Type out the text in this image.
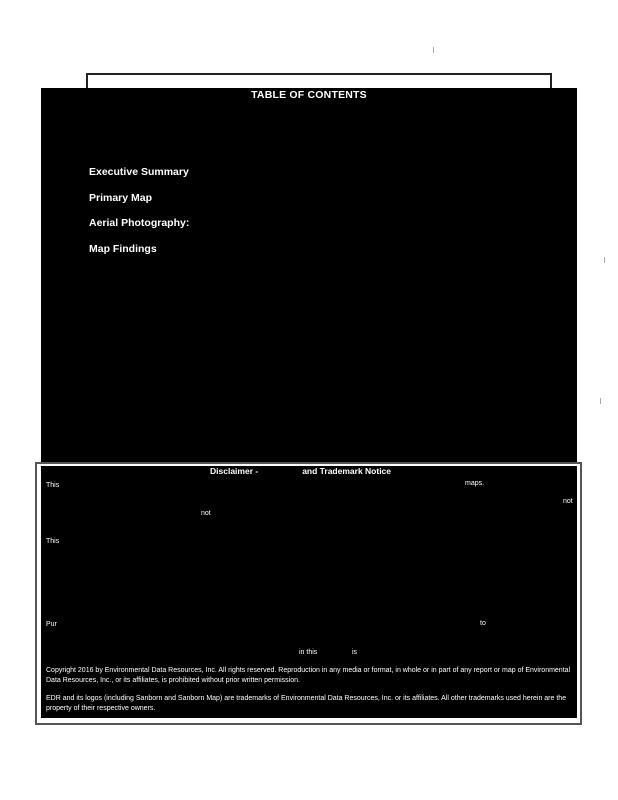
TABLE OF CONTENTS
Executive Summary
Primary Map
Aerial Photography:
Map Findings
Disclaimer -	and Trademark Notice
This	maps.
not
not
This
Pur	to
in this	is
Copyright 2016 by Environmental Data Resources, Inc. All rights reserved. Reproduction in any media or format, in whole or in part of any report or map of Environmental Data Resources, Inc., or its affiliates, is prohibited without prior written permission.
EDR and its logos (including Sanborn and Sanborn Map) are trademarks of Environmental Data Resources, Inc. or its affiliates. All other trademarks used herein are the property of their respective owners.
